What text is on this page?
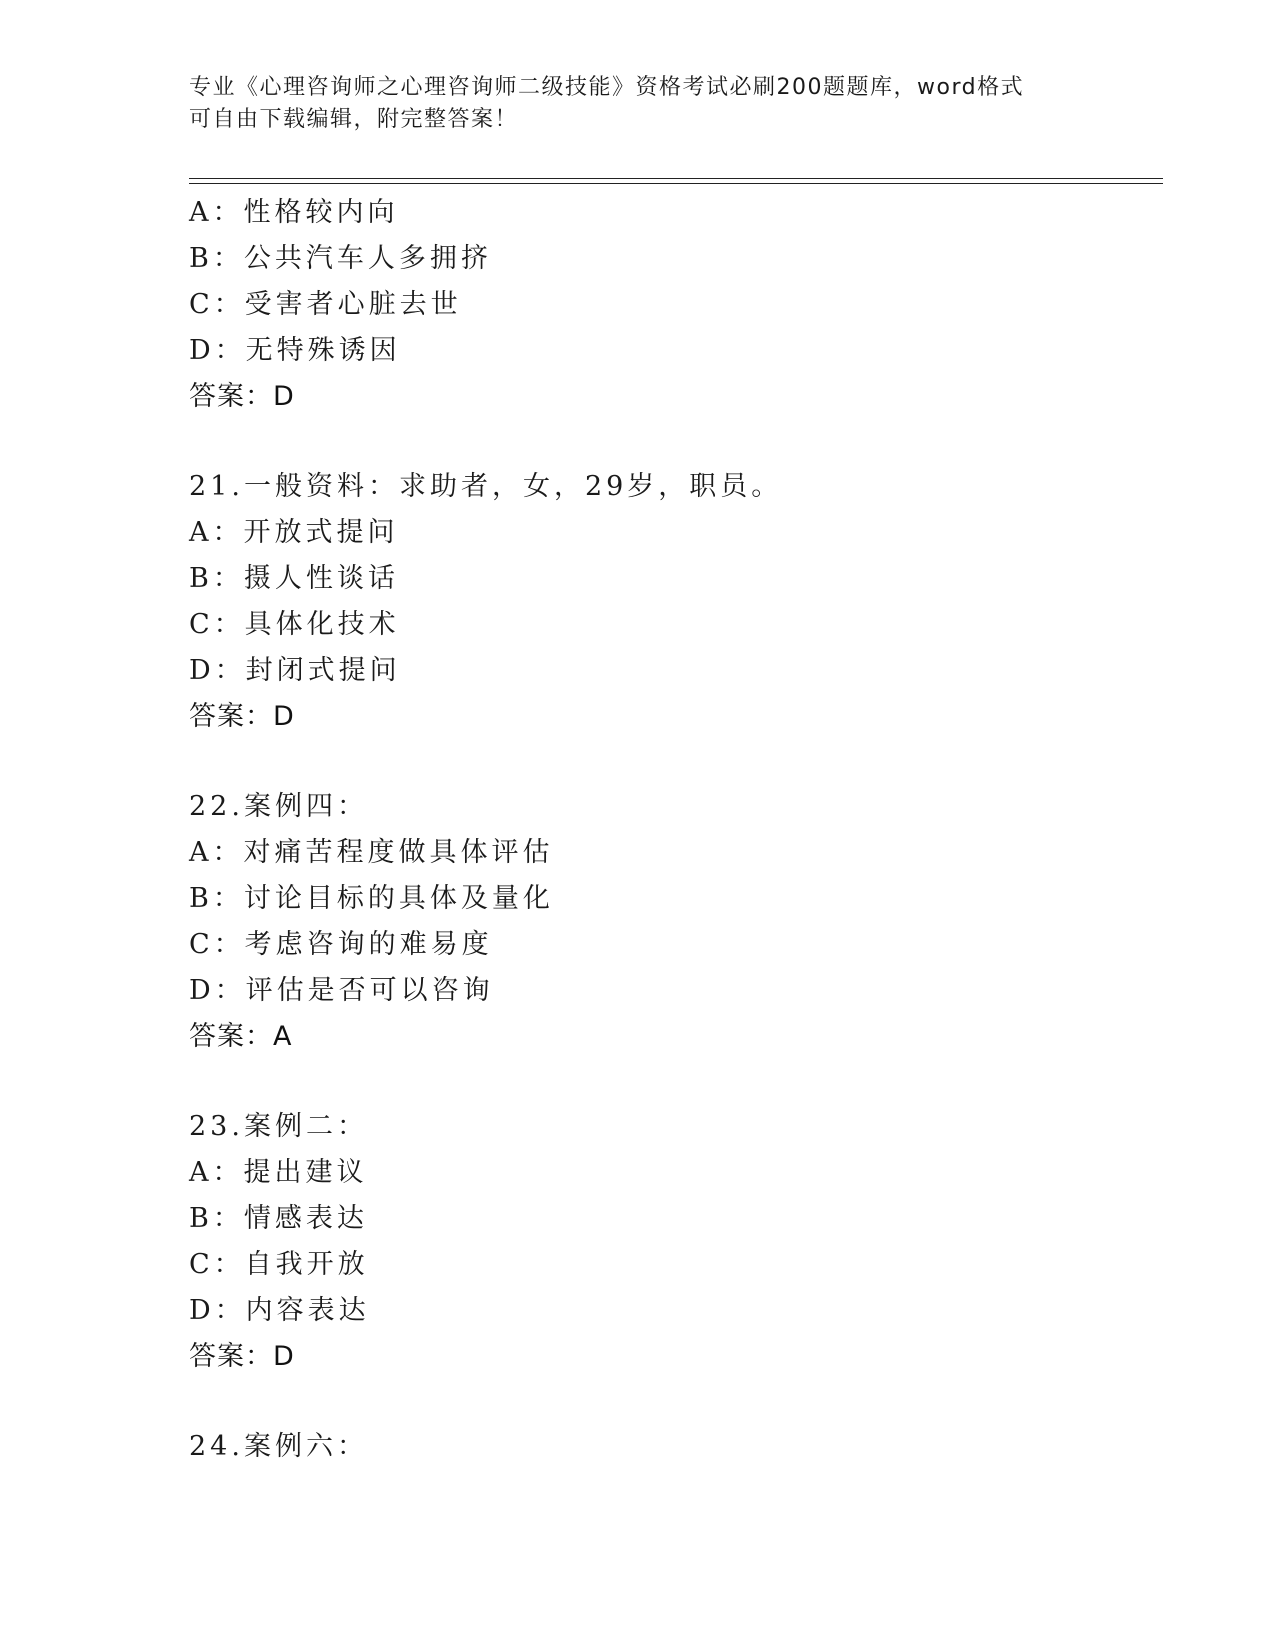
专业《心理咨询师之心理咨询师二级技能》资格考试必刷200题题库，word格式
可自由下载编辑，附完整答案！
A：性格较内向
B：公共汽车人多拥挤
C：受害者心脏去世
D：无特殊诱因
答案：D
21.一般资料：求助者，女，29岁，职员。
A：开放式提问
B：摄人性谈话
C：具体化技术
D：封闭式提问
答案：D
22.案例四：
A：对痛苦程度做具体评估
B：讨论目标的具体及量化
C：考虑咨询的难易度
D：评估是否可以咨询
答案：A
23.案例二：
A：提出建议
B：情感表达
C：自我开放
D：内容表达
答案：D
24.案例六：
